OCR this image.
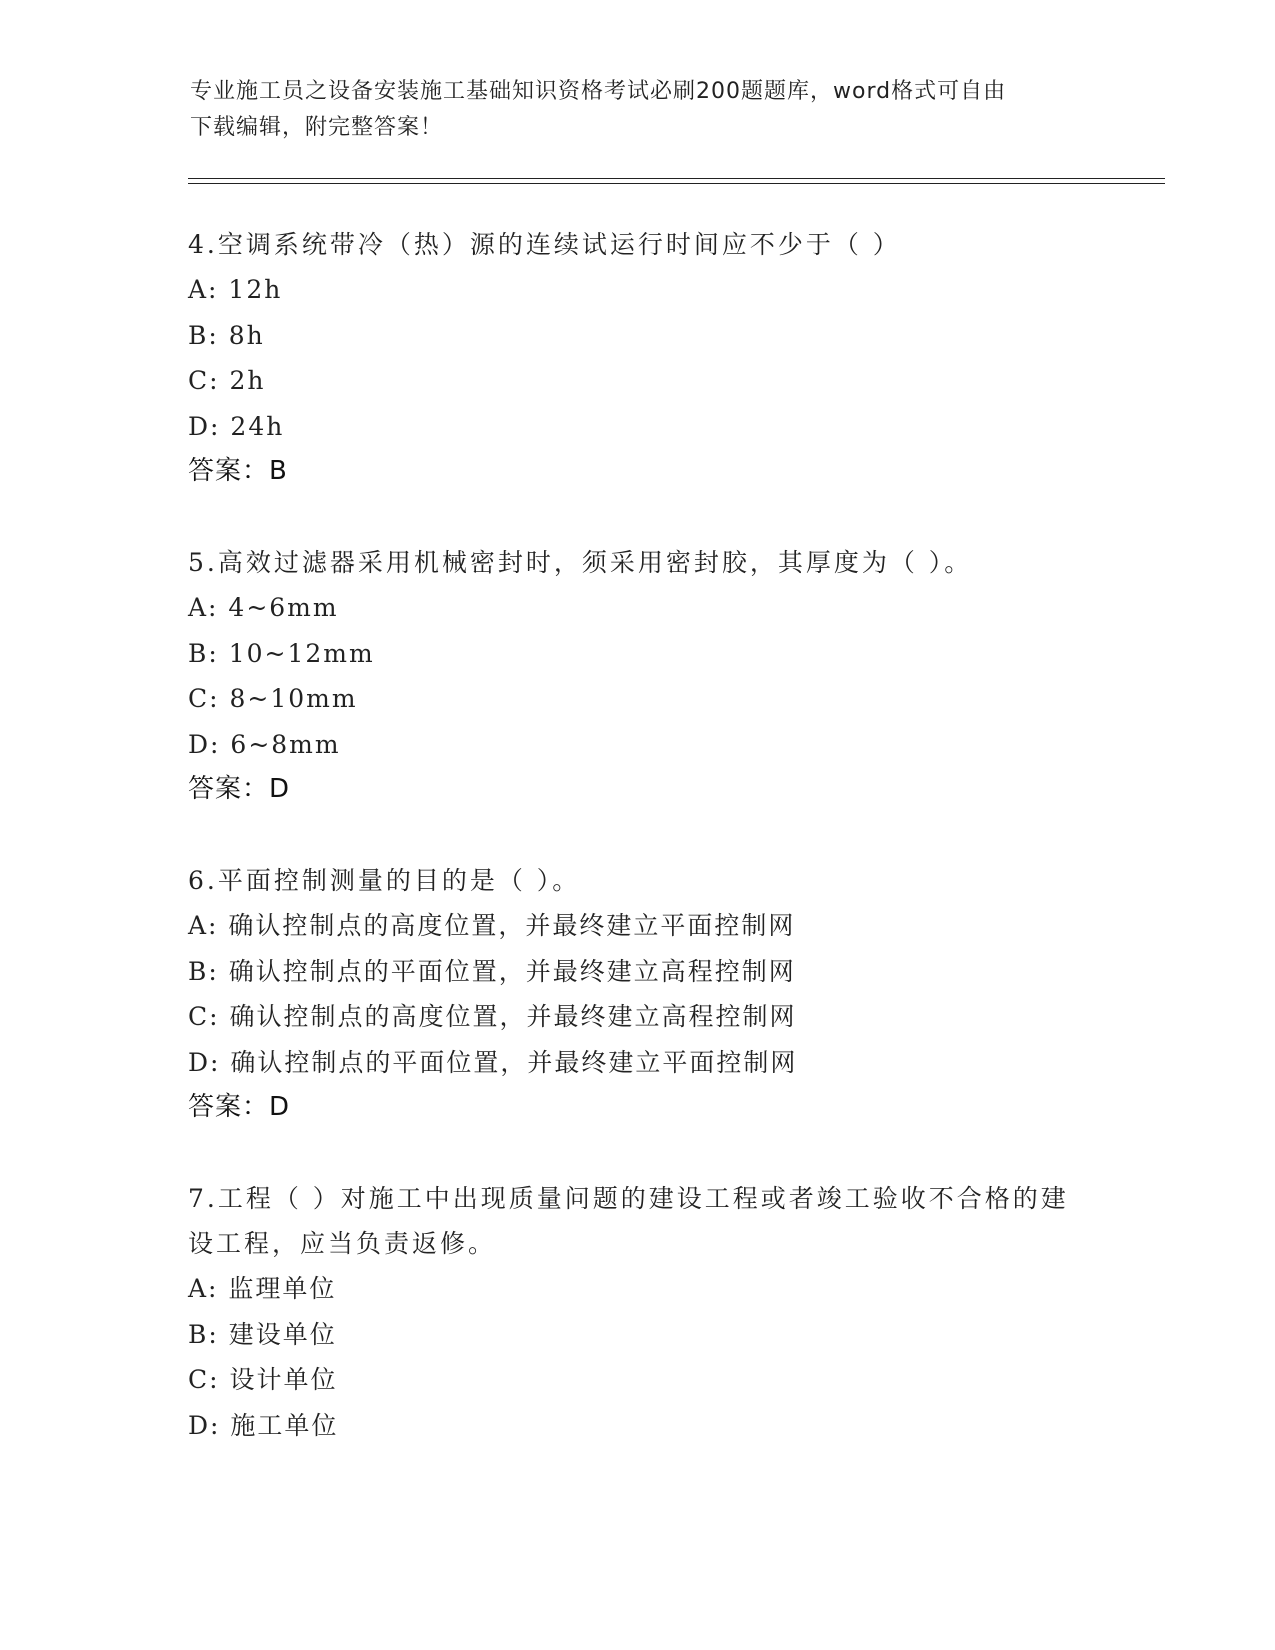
专业施工员之设备安装施工基础知识资格考试必刷200题题库，word格式可自由
下载编辑，附完整答案！

4.空调系统带冷（热）源的连续试运行时间应不少于（ ）

A: 12h

B: 8h

C: 2h

D: 24h

答案：B

5.高效过滤器采用机械密封时，须采用密封胶，其厚度为（ ）。

A: 4~6mm

B: 10~12mm

C: 8~10mm

D: 6~8mm

答案：D

6.平面控制测量的目的是（ ）。

A: 确认控制点的高度位置，并最终建立平面控制网

B: 确认控制点的平面位置，并最终建立高程控制网

C: 确认控制点的高度位置，并最终建立高程控制网

D: 确认控制点的平面位置，并最终建立平面控制网

答案：D

7.工程（ ）对施工中出现质量问题的建设工程或者竣工验收不合格的建设工程，应当负责返修。

A: 监理单位

B: 建设单位

C: 设计单位

D: 施工单位
